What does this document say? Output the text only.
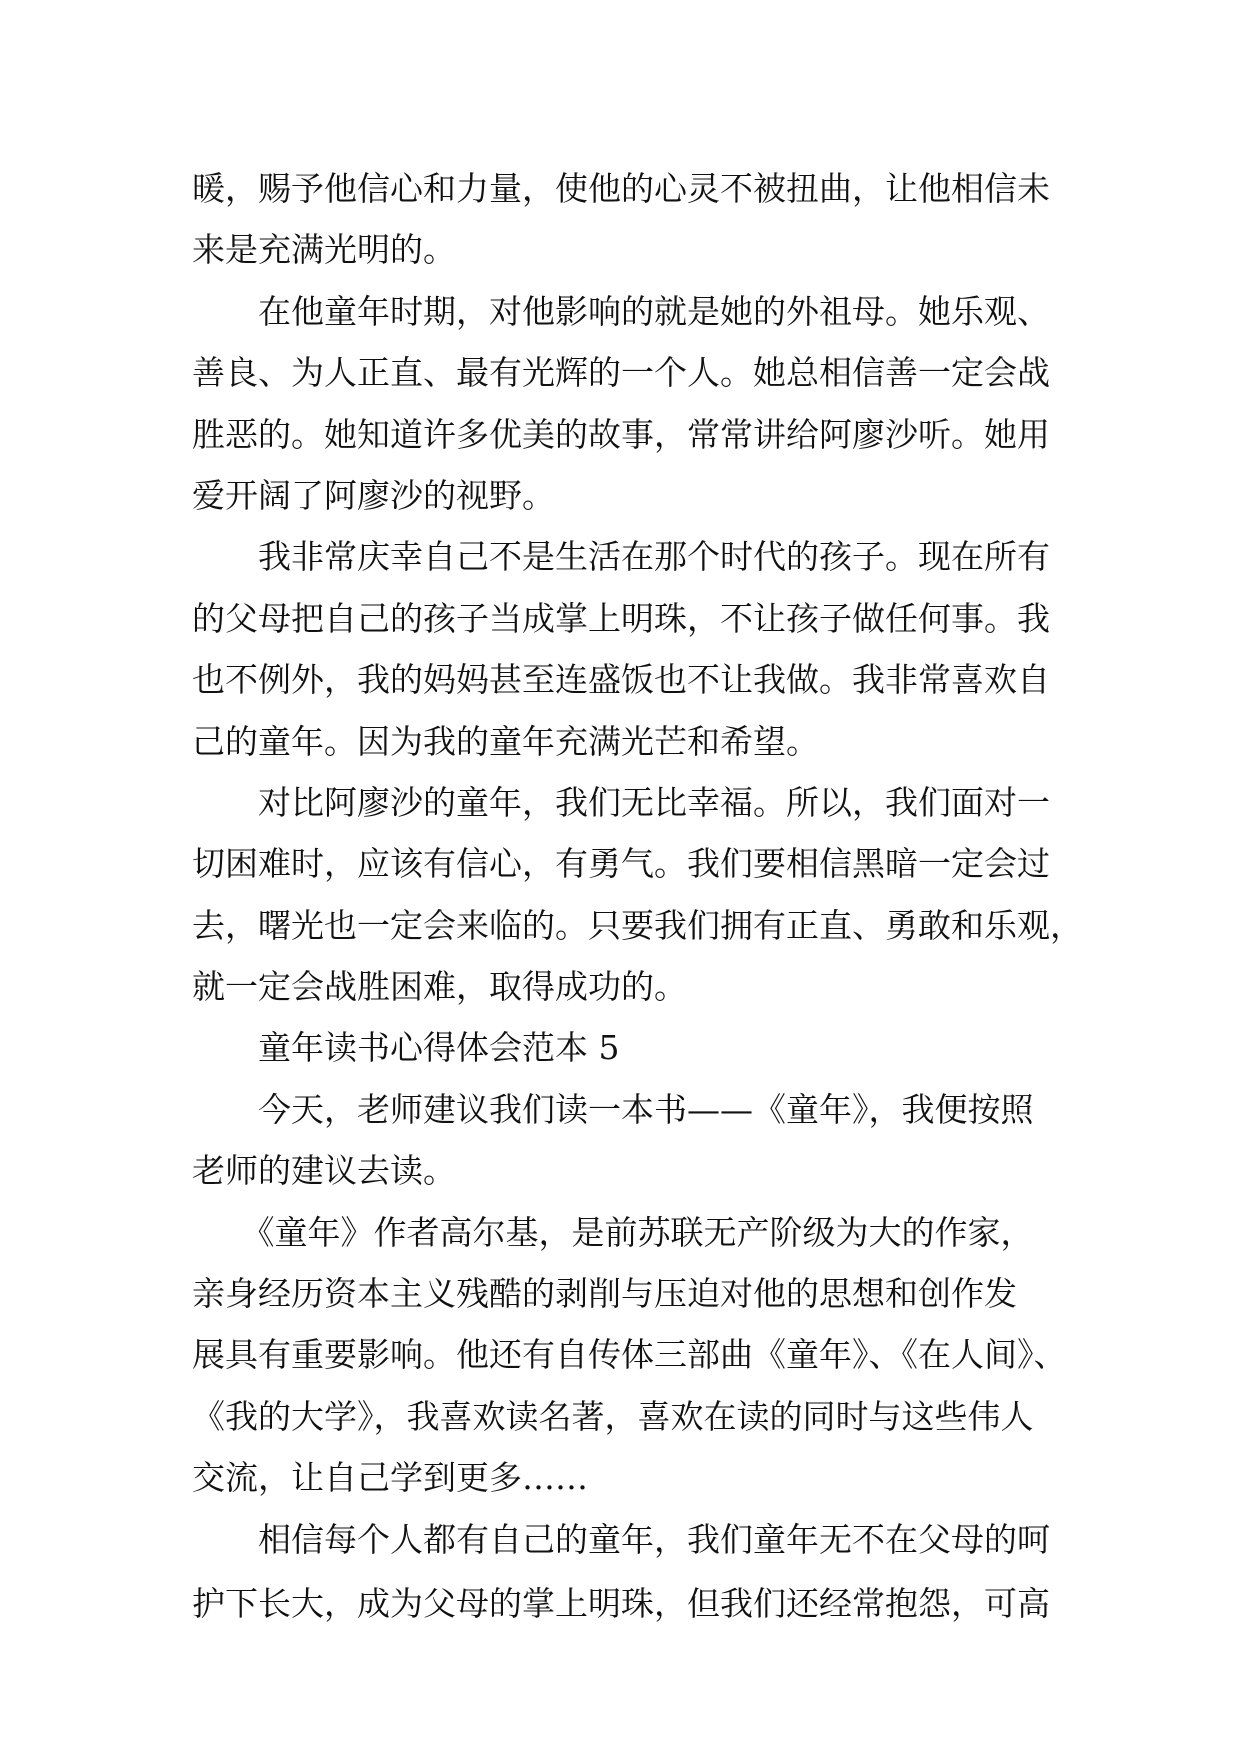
暖，赐予他信心和力量，使他的心灵不被扭曲，让他相信未
来是充满光明的。
　　在他童年时期，对他影响的就是她的外祖母。她乐观、
善良、为人正直、最有光辉的一个人。她总相信善一定会战
胜恶的。她知道许多优美的故事，常常讲给阿廖沙听。她用
爱开阔了阿廖沙的视野。
　　我非常庆幸自己不是生活在那个时代的孩子。现在所有
的父母把自己的孩子当成掌上明珠，不让孩子做任何事。我
也不例外，我的妈妈甚至连盛饭也不让我做。我非常喜欢自
己的童年。因为我的童年充满光芒和希望。
　　对比阿廖沙的童年，我们无比幸福。所以，我们面对一
切困难时，应该有信心，有勇气。我们要相信黑暗一定会过
去，曙光也一定会来临的。只要我们拥有正直、勇敢和乐观，
就一定会战胜困难，取得成功的。
　　童年读书心得体会范本 5
　　今天，老师建议我们读一本书——《童年》，我便按照
老师的建议去读。
　　《童年》作者高尔基，是前苏联无产阶级为大的作家，
亲身经历资本主义残酷的剥削与压迫对他的思想和创作发
展具有重要影响。他还有自传体三部曲《童年》、《在人间》、
《我的大学》，我喜欢读名著，喜欢在读的同时与这些伟人
交流，让自己学到更多……
　　相信每个人都有自己的童年，我们童年无不在父母的呵
护下长大，成为父母的掌上明珠，但我们还经常抱怨，可高
